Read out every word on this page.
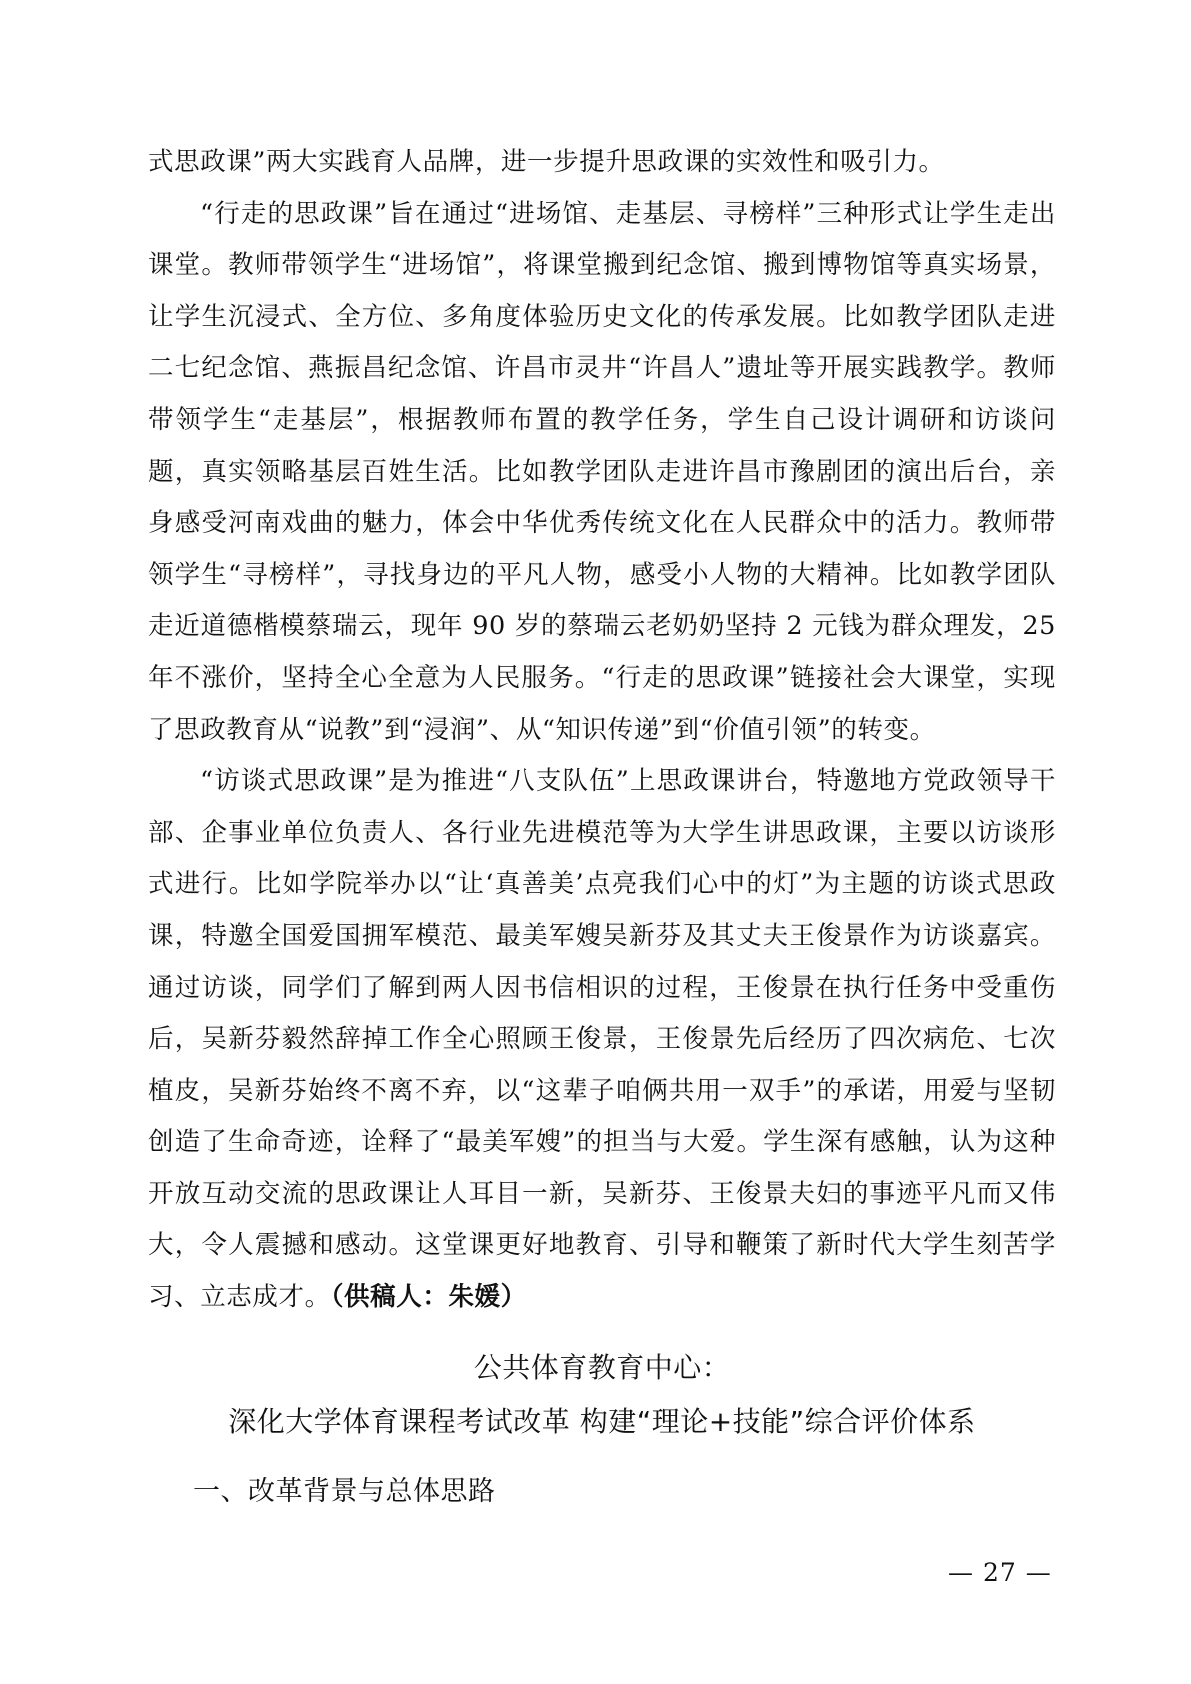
式思政课”两大实践育人品牌，进一步提升思政课的实效性和吸引力。

“行走的思政课”旨在通过“进场馆、走基层、寻榜样”三种形式让学生走出课堂。教师带领学生“进场馆”，将课堂搬到纪念馆、搬到博物馆等真实场景，让学生沉浸式、全方位、多角度体验历史文化的传承发展。比如教学团队走进二七纪念馆、燕振昌纪念馆、许昌市灵井“许昌人”遗址等开展实践教学。教师带领学生“走基层”，根据教师布置的教学任务，学生自己设计调研和访谈问题，真实领略基层百姓生活。比如教学团队走进许昌市豫剧团的演出后台，亲身感受河南戏曲的魅力，体会中华优秀传统文化在人民群众中的活力。教师带领学生“寻榜样”，寻找身边的平凡人物，感受小人物的大精神。比如教学团队走近道德楷模蔡瑞云，现年 90 岁的蔡瑞云老奶奶坚持 2 元钱为群众理发，25 年不涨价，坚持全心全意为人民服务。“行走的思政课”链接社会大课堂，实现了思政教育从“说教”到“浸润”、从“知识传递”到“价值引领”的转变。

“访谈式思政课”是为推进“八支队伍”上思政课讲台，特邀地方党政领导干部、企事业单位负责人、各行业先进模范等为大学生讲思政课，主要以访谈形式进行。比如学院举办以“让‘真善美’点亮我们心中的灯”为主题的访谈式思政课，特邀全国爱国拥军模范、最美军嫂吴新芬及其丈夫王俊景作为访谈嘉宾。通过访谈，同学们了解到两人因书信相识的过程，王俊景在执行任务中受重伤后，吴新芬毅然辞掉工作全心照顾王俊景，王俊景先后经历了四次病危、七次植皮，吴新芬始终不离不弃，以“这辈子咱俩共用一双手”的承诺，用爱与坚韧创造了生命奇迹，诠释了“最美军嫂”的担当与大爱。学生深有感触，认为这种开放互动交流的思政课让人耳目一新，吴新芬、王俊景夫妇的事迹平凡而又伟大，令人震撼和感动。这堂课更好地教育、引导和鞭策了新时代大学生刻苦学习、立志成才。（供稿人：朱媛）

公共体育教育中心：
深化大学体育课程考试改革 构建“理论+技能”综合评价体系
一、改革背景与总体思路
— 27 —
